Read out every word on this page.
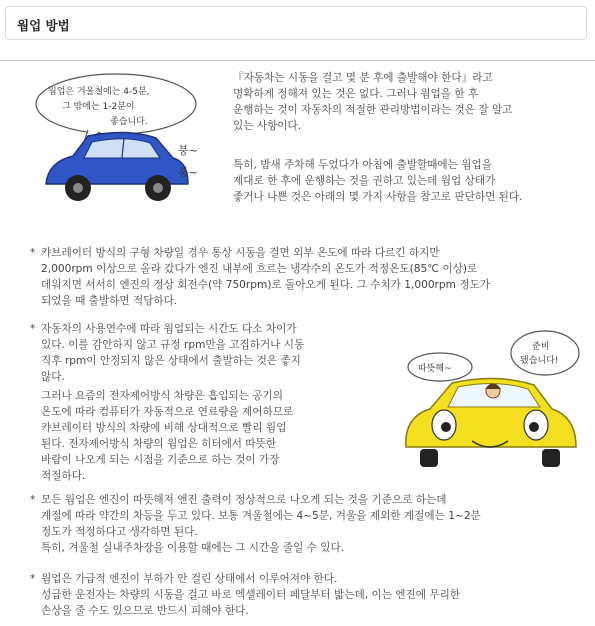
웜업 방법
웜업은 겨울철에는 4-5분,
그 밖에는 1-2분이
좋습니다.
붕~
붕~
『자동차는 시동을 걸고 몇 분 후에 출발해야 한다』라고
명확하게 정해져 있는 것은 없다. 그러나 웜업을 한 후
운행하는 것이 자동차의 적절한 관리방법이라는 것은 잘 알고
있는 사항이다.
특히, 밤새 주차해 두었다가 아침에 출발할때에는 웜업을
제대로 한 후에 운행하는 것을 권하고 있는데 웜업 상태가
좋거나 나쁜 것은 아래의 몇 가지 사항을 참고로 판단하면 된다.
* 캬브레이터 방식의 구형 차량일 경우 통상 시동을 걸면 외부 온도에 따라 다르긴 하지만
2,000rpm 이상으로 올라 갔다가 엔진 내부에 흐르는 냉각수의 온도가 적정온도(85℃ 이상)로
데워지면 서서히 엔진의 정상 회전수(약 750rpm)로 돌아오게 된다. 그 수치가 1,000rpm 정도가
되었을 때 출발하면 적당하다.
* 자동차의 사용연수에 따라 웜업되는 시간도 다소 차이가
있다. 이를 감안하지 않고 규정 rpm만을 고집하거나 시동
직후 rpm이 안정되지 않은 상태에서 출발하는 것은 좋지
않다.
그러나 요즘의 전자제어방식 차량은 흡입되는 공기의
온도에 따라 컴퓨터가 자동적으로 연료량을 제어하므로
캬브레이터 방식의 차량에 비해 상대적으로 빨리 웜업
된다. 전자제어방식 차량의 웜업은 히터에서 따뜻한
바람이 나오게 되는 시점을 기준으로 하는 것이 가장
적절하다.
따뜻해~
준비
됐습니다!
* 모든 웜업은 엔진이 따뜻해져 엔진 출력이 정상적으로 나오게 되는 것을 기준으로 하는데
계절에 따라 약간의 차등을 두고 있다. 보통 겨울철에는 4~5분, 겨울을 제외한 계절에는 1~2분
정도가 적정하다고 생각하면 된다.
특히, 겨울철 실내주차장을 이용할 때에는 그 시간을 줄일 수 있다.
* 웜업은 가급적 엔진이 부하가 안 걸린 상태에서 이루어져야 한다.
성급한 운전자는 차량의 시동을 걸고 바로 엑셀레이터 페달부터 밟는데, 이는 엔진에 무리한
손상을 줄 수도 있으므로 반드시 피해야 한다.
